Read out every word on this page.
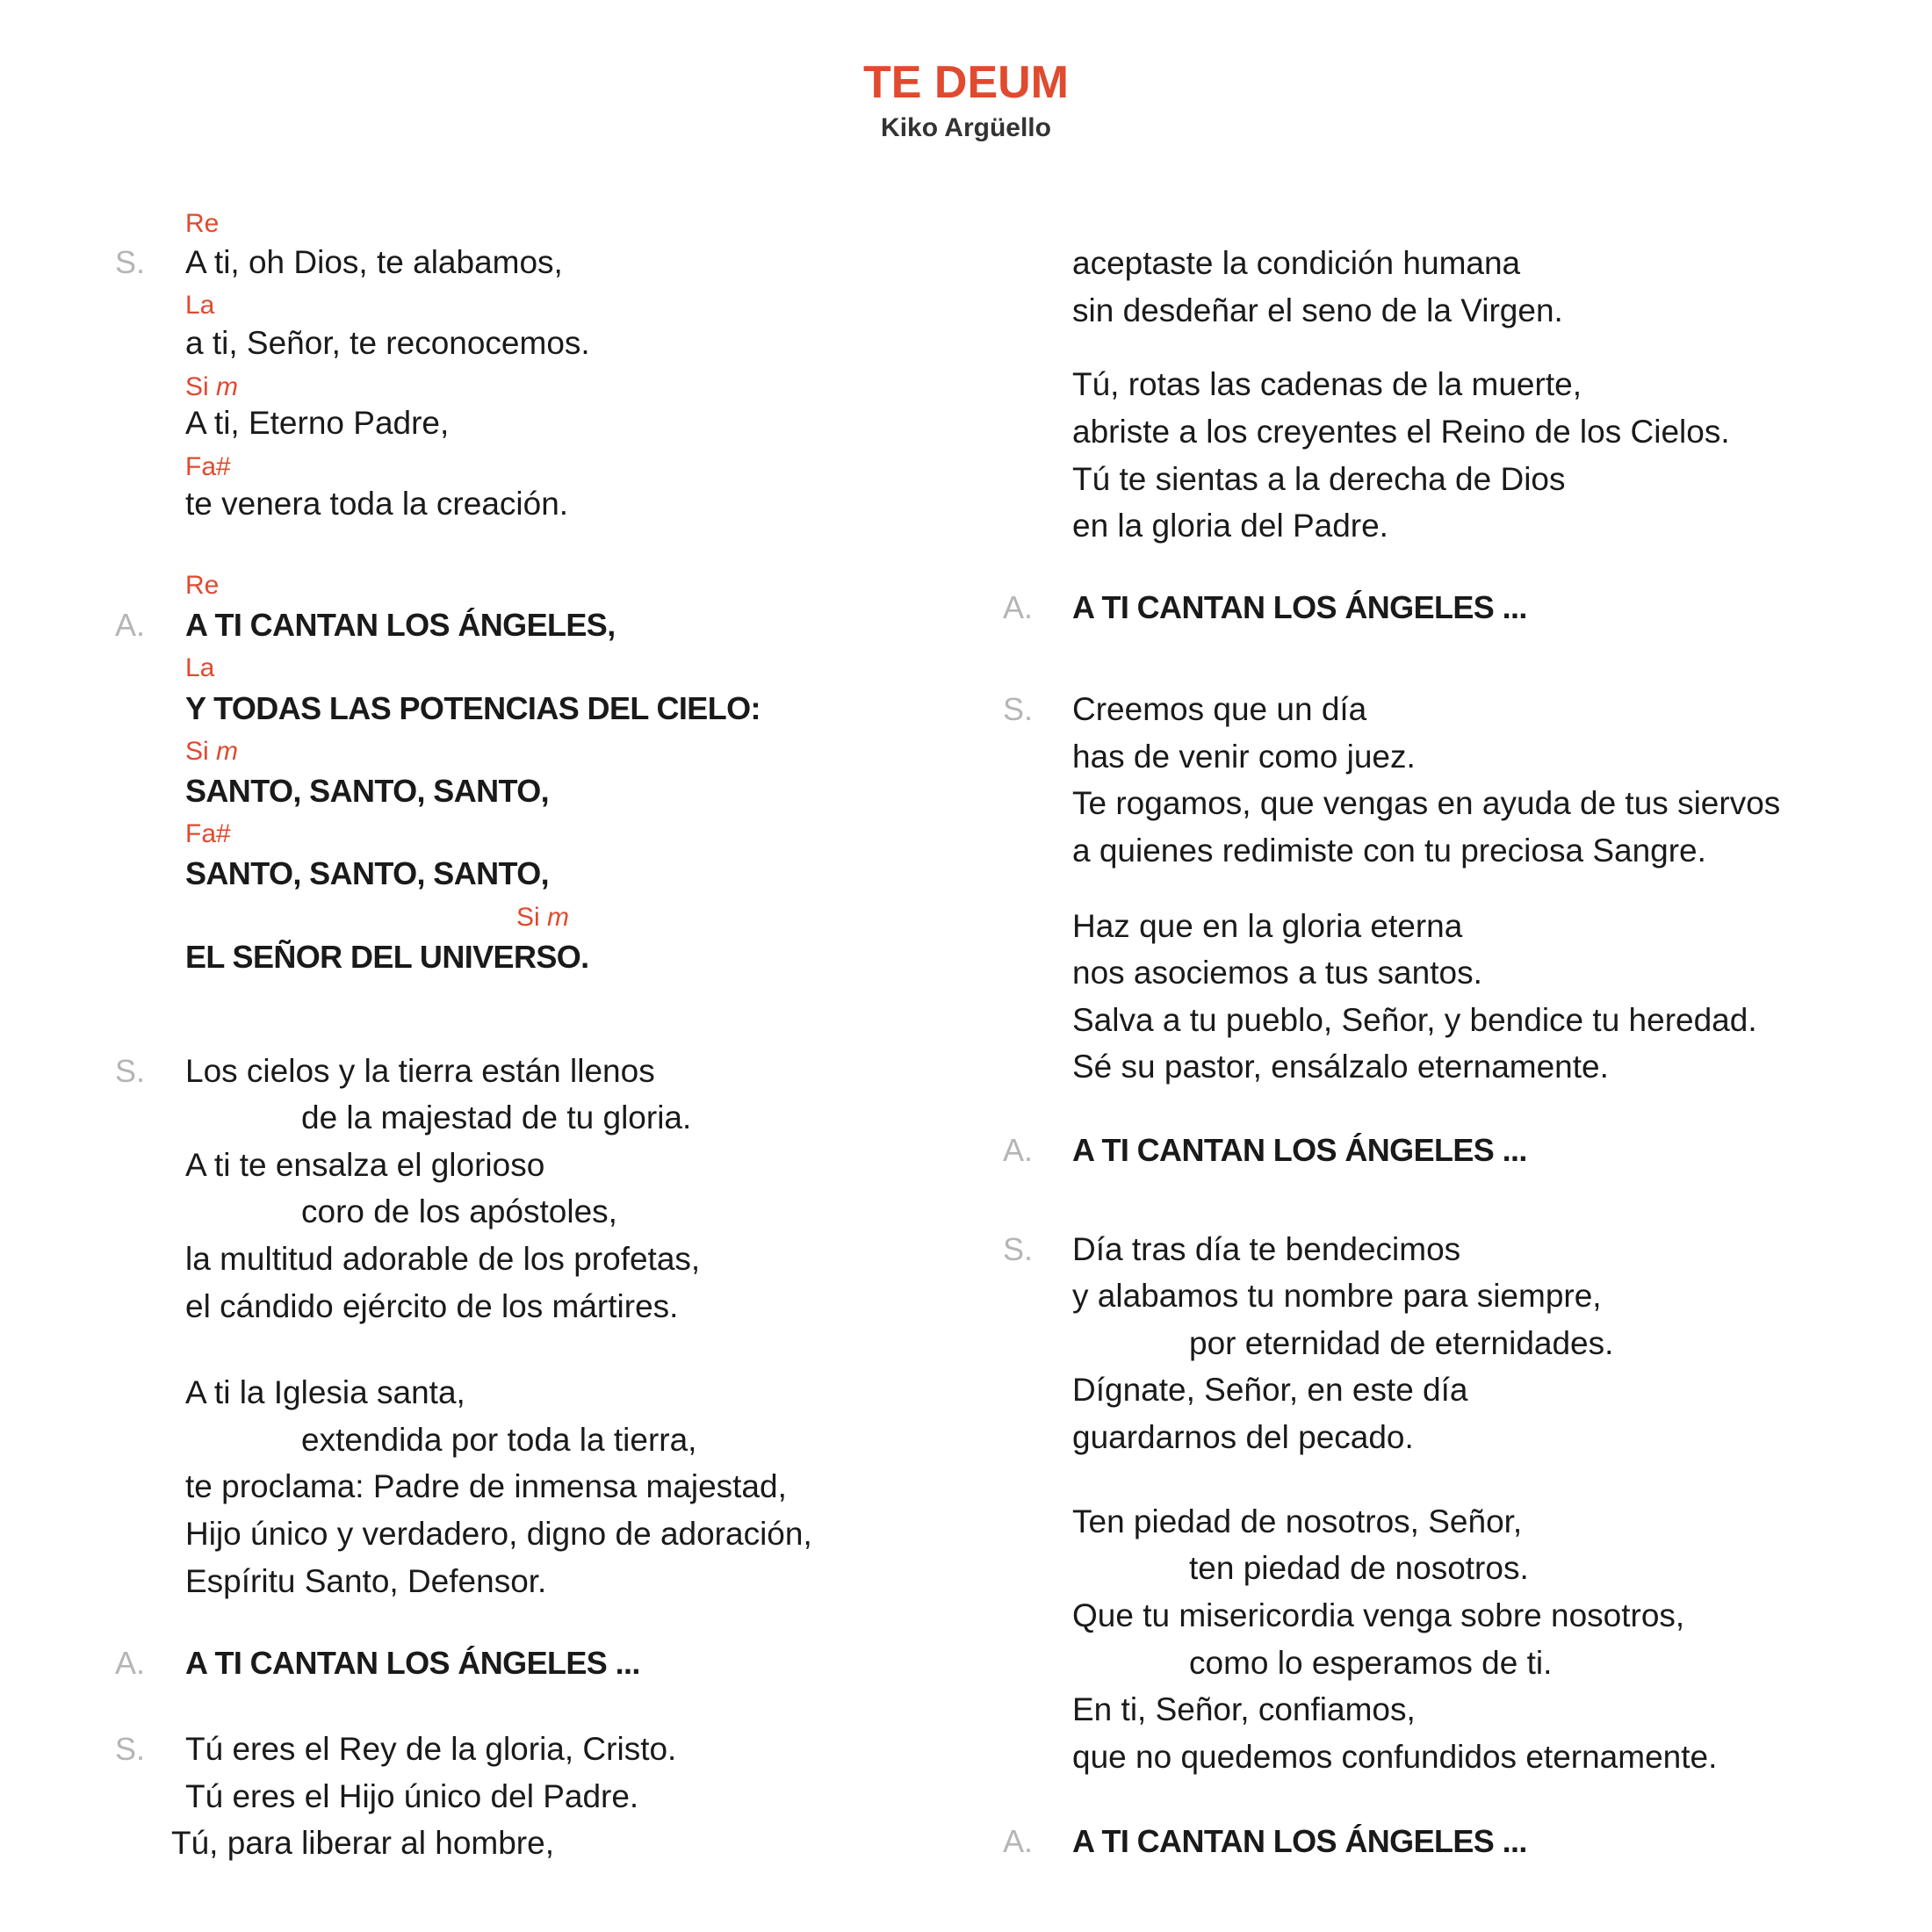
TE DEUM
Kiko Argüello
Re
S. A ti, oh Dios, te alabamos,
La
a ti, Señor, te reconocemos.
Si m
A ti, Eterno Padre,
Fa#
te venera toda la creación.
Re
A. A TI CANTAN LOS ÁNGELES,
La
Y TODAS LAS POTENCIAS DEL CIELO:
Si m
SANTO, SANTO, SANTO,
Fa#
SANTO, SANTO, SANTO,
Si m
EL SEÑOR DEL UNIVERSO.
S. Los cielos y la tierra están llenos
de la majestad de tu gloria.
A ti te ensalza el glorioso
coro de los apóstoles,
la multitud adorable de los profetas,
el cándido ejército de los mártires.
A ti la Iglesia santa,
extendida por toda la tierra,
te proclama: Padre de inmensa majestad,
Hijo único y verdadero, digno de adoración,
Espíritu Santo, Defensor.
A. A TI CANTAN LOS ÁNGELES ...
S. Tú eres el Rey de la gloria, Cristo.
Tú eres el Hijo único del Padre.
Tú, para liberar al hombre,
aceptaste la condición humana
sin desdeñar el seno de la Virgen.
Tú, rotas las cadenas de la muerte,
abriste a los creyentes el Reino de los Cielos.
Tú te sientas a la derecha de Dios
en la gloria del Padre.
A. A TI CANTAN LOS ÁNGELES ...
S. Creemos que un día
has de venir como juez.
Te rogamos, que vengas en ayuda de tus siervos
a quienes redimiste con tu preciosa Sangre.
Haz que en la gloria eterna
nos asociemos a tus santos.
Salva a tu pueblo, Señor, y bendice tu heredad.
Sé su pastor, ensálzalo eternamente.
A. A TI CANTAN LOS ÁNGELES ...
S. Día tras día te bendecimos
y alabamos tu nombre para siempre,
por eternidad de eternidades.
Dígnate, Señor, en este día
guardarnos del pecado.
Ten piedad de nosotros, Señor,
ten piedad de nosotros.
Que tu misericordia venga sobre nosotros,
como lo esperamos de ti.
En ti, Señor, confiamos,
que no quedemos confundidos eternamente.
A. A TI CANTAN LOS ÁNGELES ...
